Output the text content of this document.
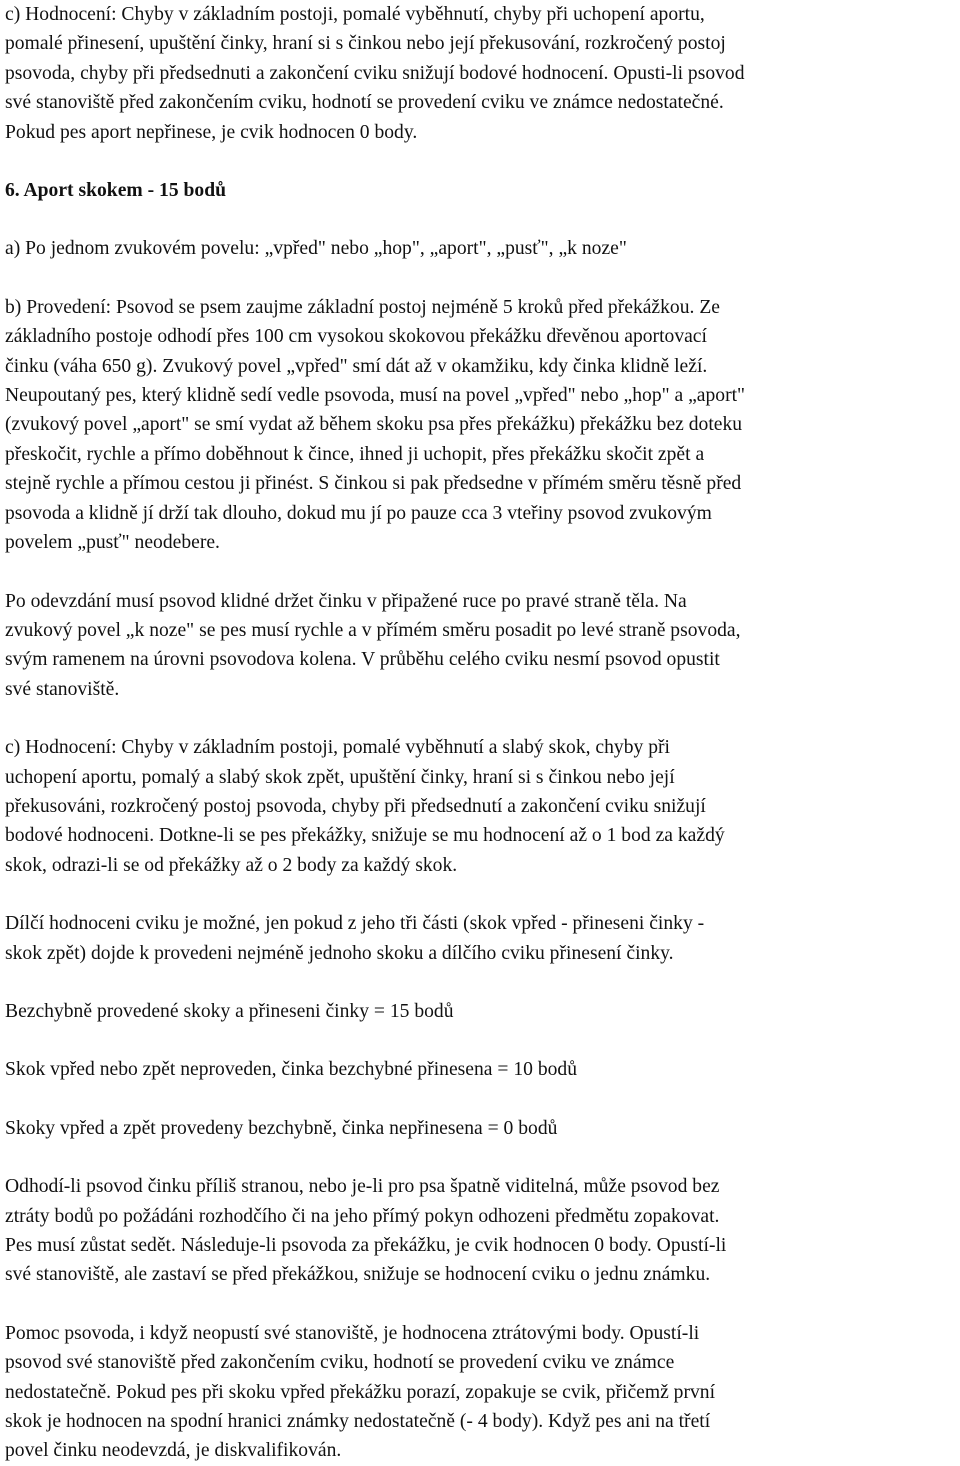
c) Hodnocení: Chyby v základním postoji, pomalé vyběhnutí, chyby při uchopení aportu,

pomalé přinesení, upuštění činky, hraní si s činkou nebo její překusování, rozkročený postoj

psovoda, chyby při předsednuti a zakončení cviku snižují bodové hodnocení. Opusti-li psovod

své stanoviště před zakončením cviku, hodnotí se provedení cviku ve známce nedostatečné.

Pokud pes aport nepřinese, je cvik hodnocen 0 body.

6. Aport skokem - 15 bodů

a) Po jednom zvukovém povelu: „vpřed" nebo „hop", „aport", „pusť", „k noze"

b) Provedení: Psovod se psem zaujme základní postoj nejméně 5 kroků před překážkou. Ze

základního postoje odhodí přes 100 cm vysokou skokovou překážku dřevěnou aportovací

činku (váha 650 g). Zvukový povel „vpřed" smí dát až v okamžiku, kdy činka klidně leží.

Neupoutaný pes, který klidně sedí vedle psovoda, musí na povel „vpřed" nebo „hop" a „aport"

(zvukový povel „aport" se smí vydat až během skoku psa přes překážku) překážku bez doteku

přeskočit, rychle a přímo doběhnout k čince, ihned ji uchopit, přes překážku skočit zpět a

stejně rychle a přímou cestou ji přinést. S činkou si pak předsedne v přímém směru těsně před

psovoda a klidně jí drží tak dlouho, dokud mu jí po pauze cca 3 vteřiny psovod zvukovým

povelem „pusť" neodebere.

Po odevzdání musí psovod klidné držet činku v připažené ruce po pravé straně těla. Na

zvukový povel „k noze" se pes musí rychle a v přímém směru posadit po levé straně psovoda,

svým ramenem na úrovni psovodova kolena. V průběhu celého cviku nesmí psovod opustit

své stanoviště.

c) Hodnocení: Chyby v základním postoji, pomalé vyběhnutí a slabý skok, chyby při

uchopení aportu, pomalý a slabý skok zpět, upuštění činky, hraní si s činkou nebo její

překusováni, rozkročený postoj psovoda, chyby při předsednutí a zakončení cviku snižují

bodové hodnoceni. Dotkne-li se pes překážky, snižuje se mu hodnocení až o 1 bod za každý

skok, odrazi-li se od překážky až o 2 body za každý skok.

Dílčí hodnoceni cviku je možné, jen pokud z jeho tři části (skok vpřed - přineseni činky -

skok zpět) dojde k provedeni nejméně jednoho skoku a dílčího cviku přinesení činky.

Bezchybně provedené skoky a přineseni činky = 15 bodů

Skok vpřed nebo zpět neproveden, činka bezchybné přinesena = 10 bodů

Skoky vpřed a zpět provedeny bezchybně, činka nepřinesena = 0 bodů

Odhodí-li psovod činku příliš stranou, nebo je-li pro psa špatně viditelná, může psovod bez

ztráty bodů po požádáni rozhodčího či na jeho přímý pokyn odhozeni předmětu zopakovat.

Pes musí zůstat sedět. Následuje-li psovoda za překážku, je cvik hodnocen 0 body. Opustí-li

své stanoviště, ale zastaví se před překážkou, snižuje se hodnocení cviku o jednu známku.

Pomoc psovoda, i když neopustí své stanoviště, je hodnocena ztrátovými body. Opustí-li

psovod své stanoviště před zakončením cviku, hodnotí se provedení cviku ve známce

nedostatečně. Pokud pes při skoku vpřed překážku porazí, zopakuje se cvik, přičemž první

skok je hodnocen na spodní hranici známky nedostatečně (- 4 body). Když pes ani na třetí

povel činku neodevzdá, je diskvalifikován.
